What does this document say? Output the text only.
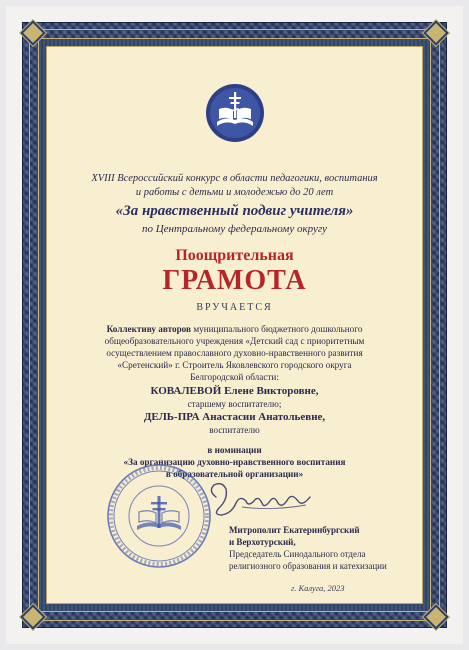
XVIII Всероссийский конкурс в области педагогики, воспитания
и работы с детьми и молодежью до 20 лет
«За нравственный подвиг учителя»
по Центральному федеральному округу
Поощрительная
ГРАМОТА
ВРУЧАЕТСЯ
Коллективу авторов муниципального бюджетного дошкольного
общеобразовательного учреждения «Детский сад с приоритетным
осуществлением православного духовно-нравственного развития
«Сретенский» г. Строитель Яковлевского городского округа
Белгородской области:
КОВАЛЕВОЙ Елене Викторовне,
старшему воспитателю;
ДЕЛЬ-ПРА Анастасии Анатольевне,
воспитателю
в номинации
«За организацию духовно-нравственного воспитания
в образовательной организации»
Митрополит Екатеринбургский
и Верхотурский,
Председатель Синодального отдела
религиозного образования и катехизации
г. Калуга, 2023
